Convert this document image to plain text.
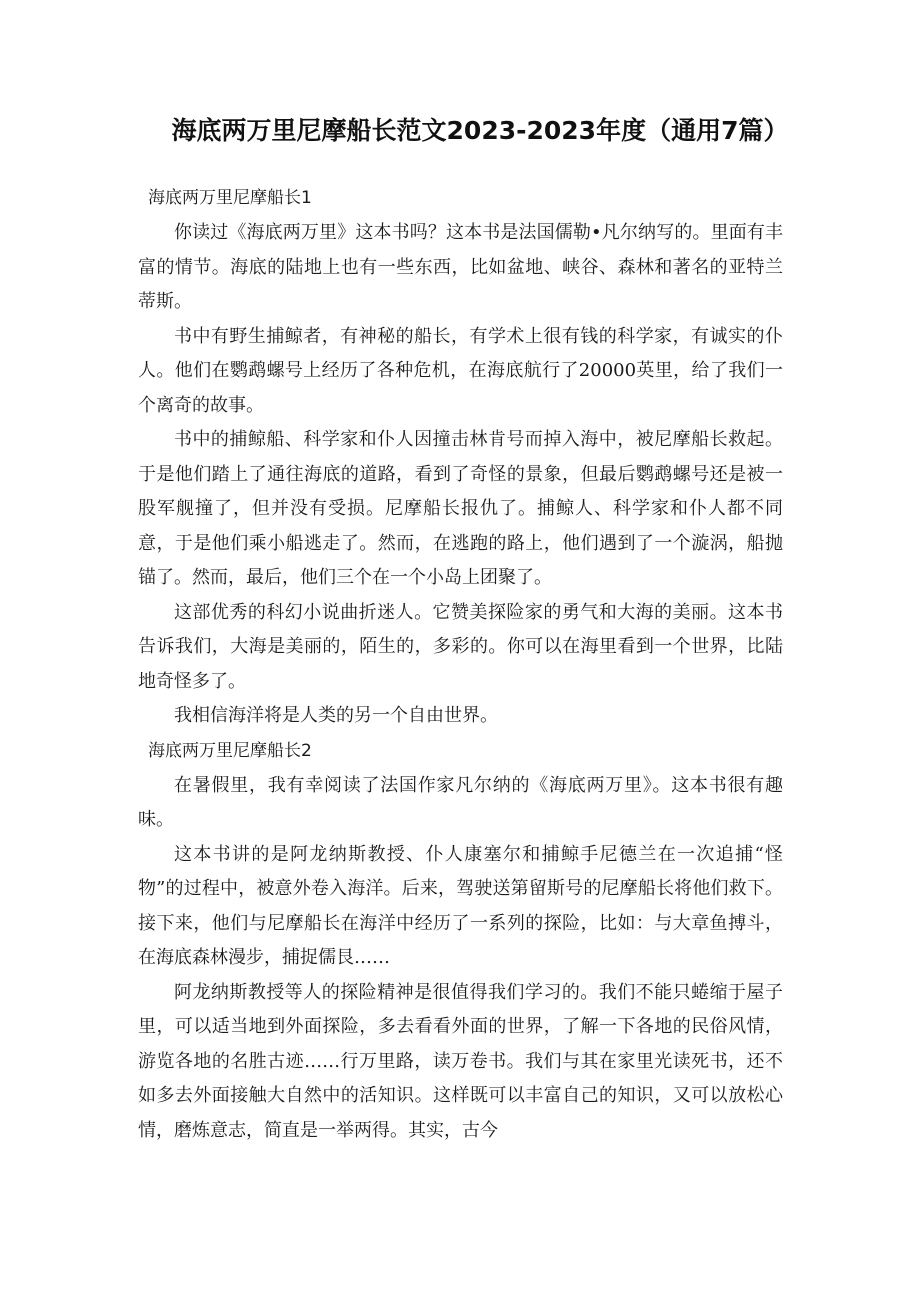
海底两万里尼摩船长范文2023-2023年度（通用7篇）

海底两万里尼摩船长1

你读过《海底两万里》这本书吗？这本书是法国儒勒•凡尔纳写的。里面有丰富的情节。海底的陆地上也有一些东西，比如盆地、峡谷、森林和著名的亚特兰蒂斯。

书中有野生捕鲸者，有神秘的船长，有学术上很有钱的科学家，有诚实的仆人。他们在鹦鹉螺号上经历了各种危机，在海底航行了20000英里，给了我们一个离奇的故事。

书中的捕鲸船、科学家和仆人因撞击林肯号而掉入海中，被尼摩船长救起。于是他们踏上了通往海底的道路，看到了奇怪的景象，但最后鹦鹉螺号还是被一股军舰撞了，但并没有受损。尼摩船长报仇了。捕鲸人、科学家和仆人都不同意，于是他们乘小船逃走了。然而，在逃跑的路上，他们遇到了一个漩涡，船抛锚了。然而，最后，他们三个在一个小岛上团聚了。

这部优秀的科幻小说曲折迷人。它赞美探险家的勇气和大海的美丽。这本书告诉我们，大海是美丽的，陌生的，多彩的。你可以在海里看到一个世界，比陆地奇怪多了。

我相信海洋将是人类的另一个自由世界。

海底两万里尼摩船长2

在暑假里，我有幸阅读了法国作家凡尔纳的《海底两万里》。这本书很有趣味。

这本书讲的是阿龙纳斯教授、仆人康塞尔和捕鲸手尼德兰在一次追捕“怪物”的过程中，被意外卷入海洋。后来，驾驶送第留斯号的尼摩船长将他们救下。接下来，他们与尼摩船长在海洋中经历了一系列的探险，比如：与大章鱼搏斗，在海底森林漫步，捕捉儒艮……

阿龙纳斯教授等人的探险精神是很值得我们学习的。我们不能只蜷缩于屋子里，可以适当地到外面探险，多去看看外面的世界，了解一下各地的民俗风情，游览各地的名胜古迹……行万里路，读万卷书。我们与其在家里光读死书，还不如多去外面接触大自然中的活知识。这样既可以丰富自己的知识，又可以放松心情，磨炼意志，简直是一举两得。其实，古今
